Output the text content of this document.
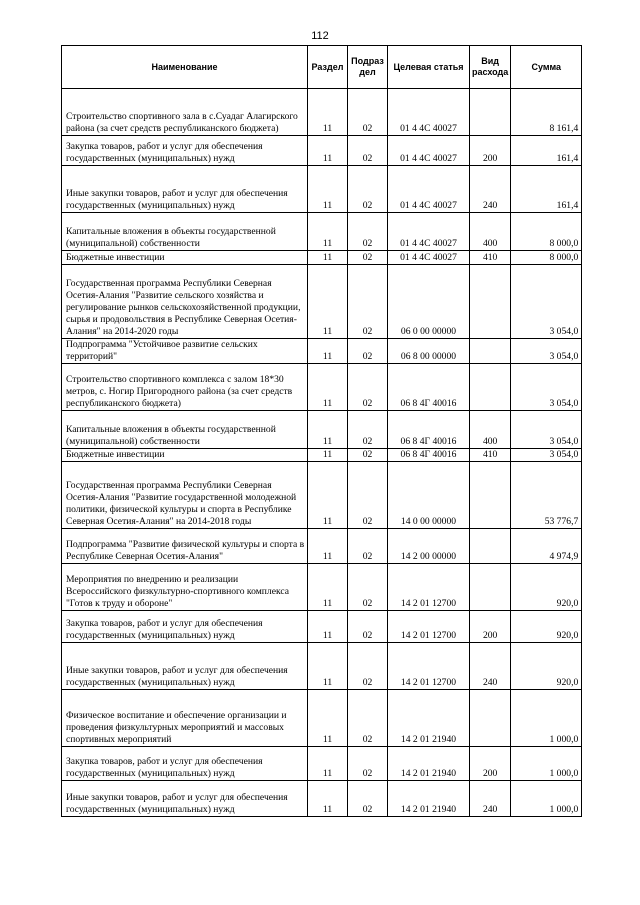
112
Наименование	Раздел	Подраз дел	Целевая статья	Вид расхода	Сумма
Строительство спортивного зала в с.Суадаг Алагирского района (за счет средств республиканского бюджета)	11	02	01 4 4С 40027		8 161,4
Закупка товаров, работ и услуг для обеспечения государственных (муниципальных) нужд	11	02	01 4 4С 40027	200	161,4
Иные закупки товаров, работ и услуг для обеспечения государственных (муниципальных) нужд	11	02	01 4 4С 40027	240	161,4
Капитальные вложения в объекты государственной (муниципальной) собственности	11	02	01 4 4С 40027	400	8 000,0
Бюджетные инвестиции	11	02	01 4 4С 40027	410	8 000,0
Государственная программа Республики Северная Осетия-Алания "Развитие сельского хозяйства и регулирование рынков сельскохозяйственной продукции, сырья и продовольствия в Республике Северная Осетия-Алания" на 2014-2020 годы	11	02	06 0 00 00000		3 054,0
Подпрограмма "Устойчивое развитие сельских территорий"	11	02	06 8 00 00000		3 054,0
Строительство спортивного комплекса с залом 18*30 метров, с. Ногир Пригородного района (за счет средств республиканского бюджета)	11	02	06 8 4Г 40016		3 054,0
Капитальные вложения в объекты государственной (муниципальной) собственности	11	02	06 8 4Г 40016	400	3 054,0
Бюджетные инвестиции	11	02	06 8 4Г 40016	410	3 054,0
Государственная программа Республики Северная Осетия-Алания "Развитие государственной молодежной политики, физической культуры и спорта в Республике Северная Осетия-Алания" на 2014-2018 годы	11	02	14 0 00 00000		53 776,7
Подпрограмма "Развитие физической культуры и спорта в Республике Северная Осетия-Алания"	11	02	14 2 00 00000		4 974,9
Мероприятия по внедрению и реализации Всероссийского физкультурно-спортивного комплекса "Готов к труду и обороне"	11	02	14 2 01 12700		920,0
Закупка товаров, работ и услуг для обеспечения государственных (муниципальных) нужд	11	02	14 2 01 12700	200	920,0
Иные закупки товаров, работ и услуг для обеспечения государственных (муниципальных) нужд	11	02	14 2 01 12700	240	920,0
Физическое воспитание и обеспечение организации и проведения физкультурных мероприятий и массовых спортивных мероприятий	11	02	14 2 01 21940		1 000,0
Закупка товаров, работ и услуг для обеспечения государственных (муниципальных) нужд	11	02	14 2 01 21940	200	1 000,0
Иные закупки товаров, работ и услуг для обеспечения государственных (муниципальных) нужд	11	02	14 2 01 21940	240	1 000,0
